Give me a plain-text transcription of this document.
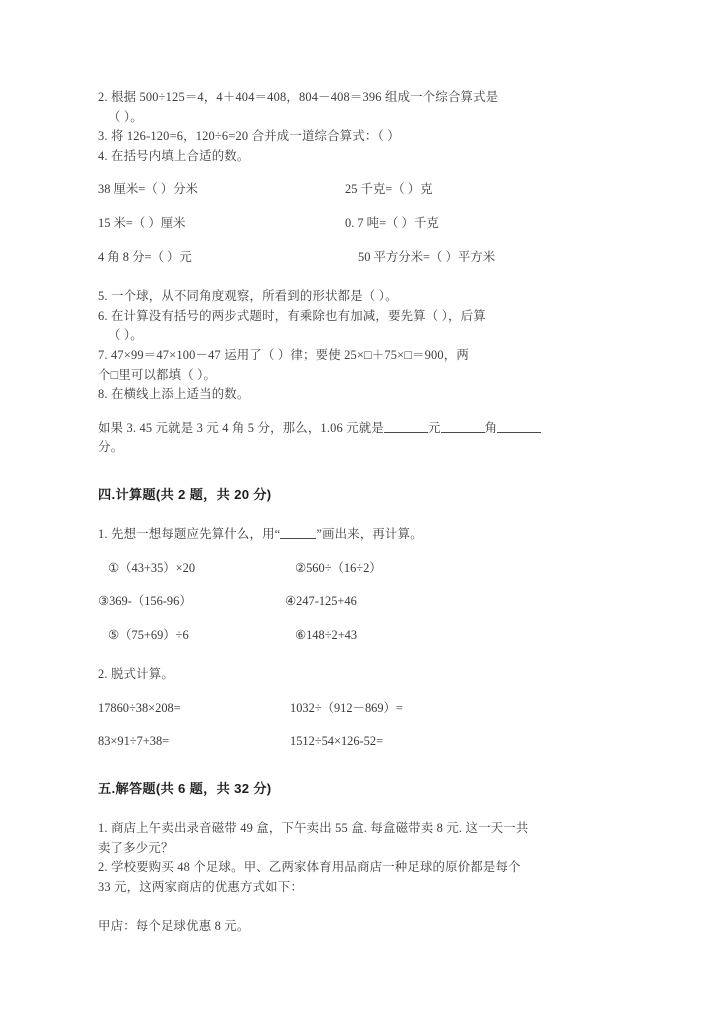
2. 根据 500÷125＝4，4＋404＝408，804－408＝396 组成一个综合算式是
（ ）。
3. 将 126-120=6，120÷6=20 合并成一道综合算式：（ ）
4. 在括号内填上合适的数。
38 厘米=（ ）分米	25 千克=（ ）克
15 米=（ ）厘米	0. 7 吨=（ ）千克
4 角 8 分=（ ）元	50 平方分米=（ ）平方米
5. 一个球，从不同角度观察，所看到的形状都是（ ）。
6. 在计算没有括号的两步式题时，有乘除也有加减，要先算（ ），后算
（ ）。
7. 47×99＝47×100－47 运用了（ ）律；要使 25×□＋75×□＝900，两
个□里可以都填（ ）。
8. 在横线上添上适当的数。
如果 3. 45 元就是 3 元 4 角 5 分，那么，1.06 元就是	元	角
分。
四.计算题(共 2 题，共 20 分)
1. 先想一想每题应先算什么，用“	”画出来，再计算。
①（43+35）×20	②560÷（16÷2）
③369-（156-96）	④247-125+46
⑤（75+69）÷6	⑥148÷2+43
2. 脱式计算。
17860÷38×208=	1032÷（912－869）=
83×91÷7+38=	1512÷54×126-52=
五.解答题(共 6 题，共 32 分)
1. 商店上午卖出录音磁带 49 盒，下午卖出 55 盒. 每盒磁带卖 8 元. 这一天一共
卖了多少元？
2. 学校要购买 48 个足球。甲、乙两家体育用品商店一种足球的原价都是每个
33 元，这两家商店的优惠方式如下：
甲店：每个足球优惠 8 元。
